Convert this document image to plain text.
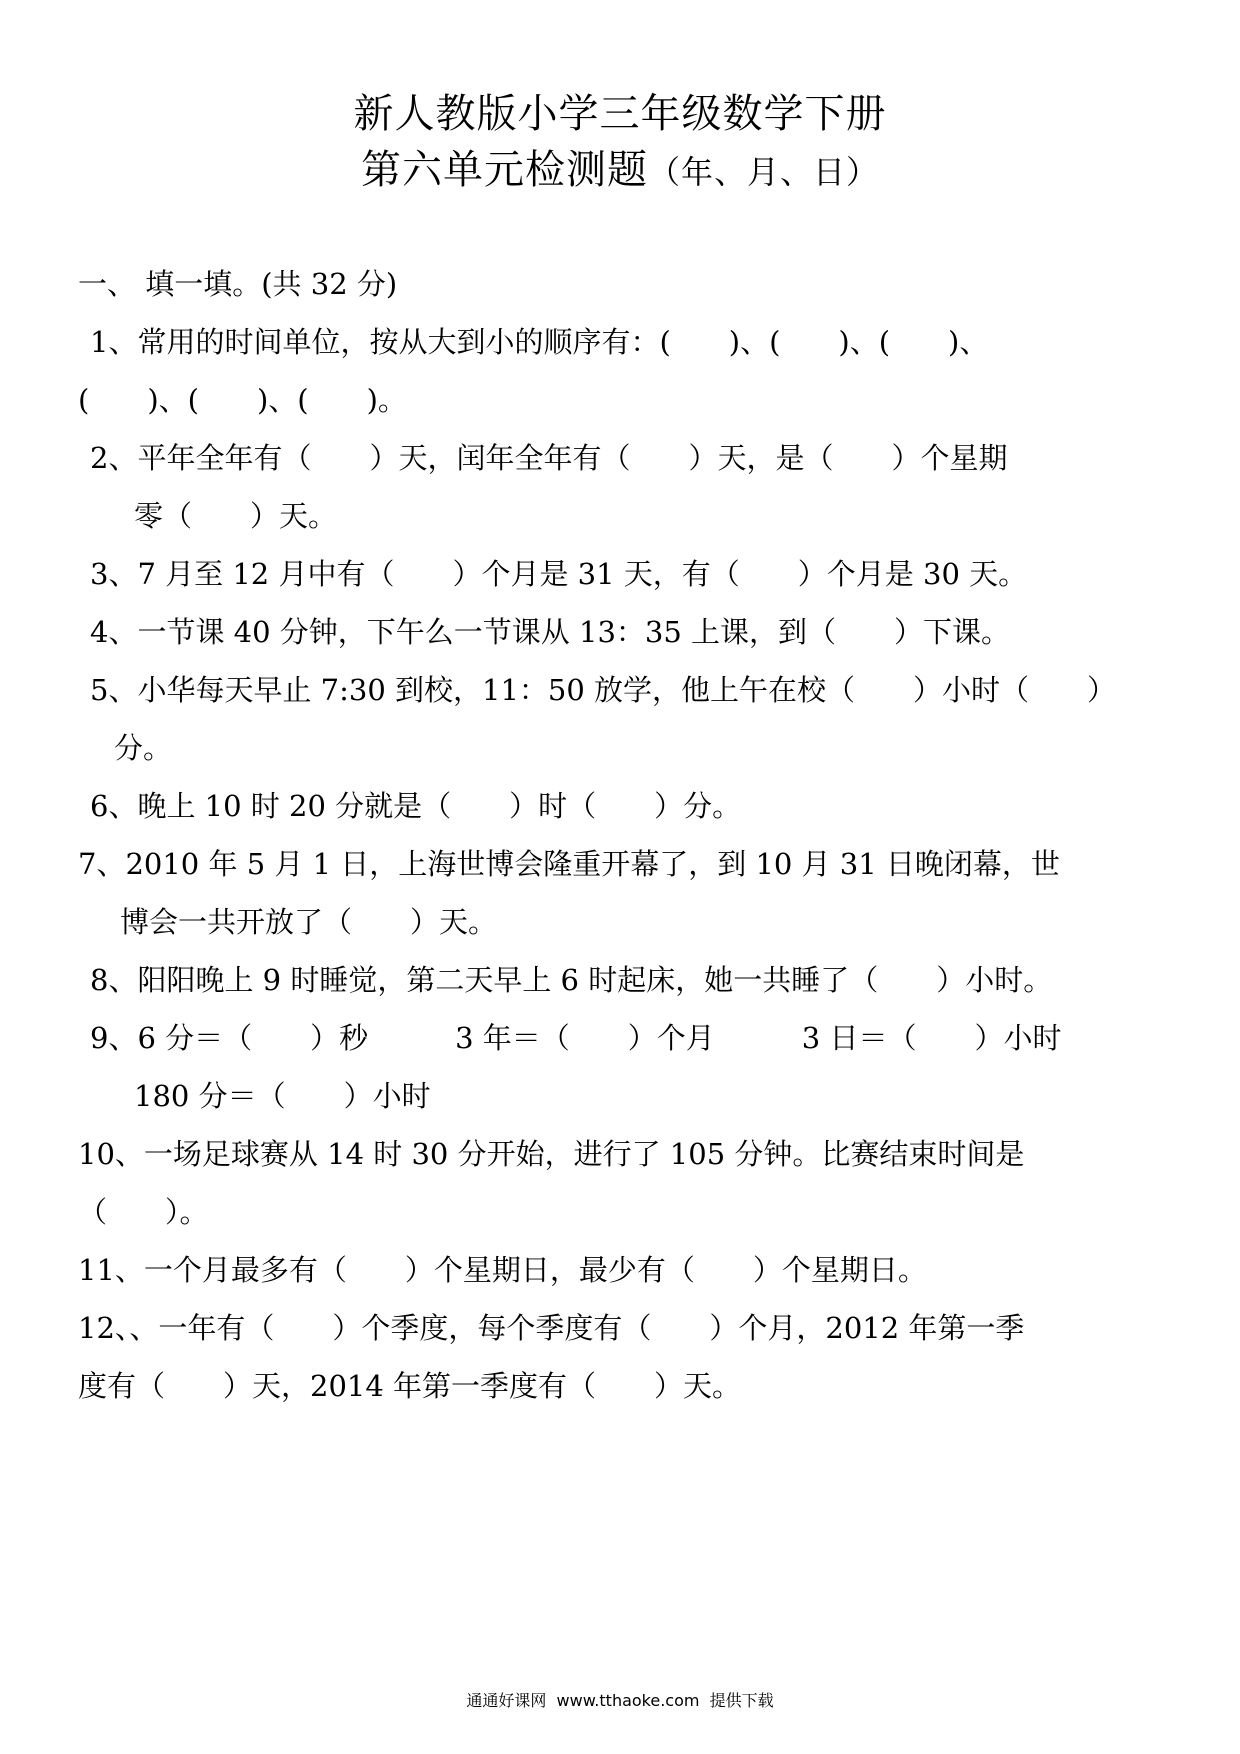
新人教版小学三年级数学下册
第六单元检测题（年、月、日）
一、 填一填。(共 32 分)
1、常用的时间单位，按从大到小的顺序有：(　　)、(　　)、(　　)、
(　　)、(　　)、(　　)。
2、平年全年有（　　）天，闰年全年有（　　）天，是（　　）个星期
零（　　）天。
3、7 月至 12 月中有（　　）个月是 31 天，有（　　）个月是 30 天。
4、一节课 40 分钟，下午么一节课从 13：35 上课，到（　　）下课。
5、小华每天早止 7:30 到校，11：50 放学，他上午在校（　　）小时（　　）
分。
6、晚上 10 时 20 分就是（　　）时（　　）分。
7、2010 年 5 月 1 日，上海世博会隆重开幕了，到 10 月 31 日晚闭幕，世
博会一共开放了（　　）天。
8、阳阳晚上 9 时睡觉，第二天早上 6 时起床，她一共睡了（　　）小时。
9、6 分＝（　　）秒　　　3 年＝（　　）个月　　　3 日＝（　　）小时
180 分＝（　　）小时
10、一场足球赛从 14 时 30 分开始，进行了 105 分钟。比赛结束时间是
（　　）。
11、一个月最多有（　　）个星期日，最少有（　　）个星期日。
12、、一年有（　　）个季度，每个季度有（　　）个月，2012 年第一季
度有（　　）天，2014 年第一季度有（　　）天。
通通好课网  www.tthaoke.com  提供下载
